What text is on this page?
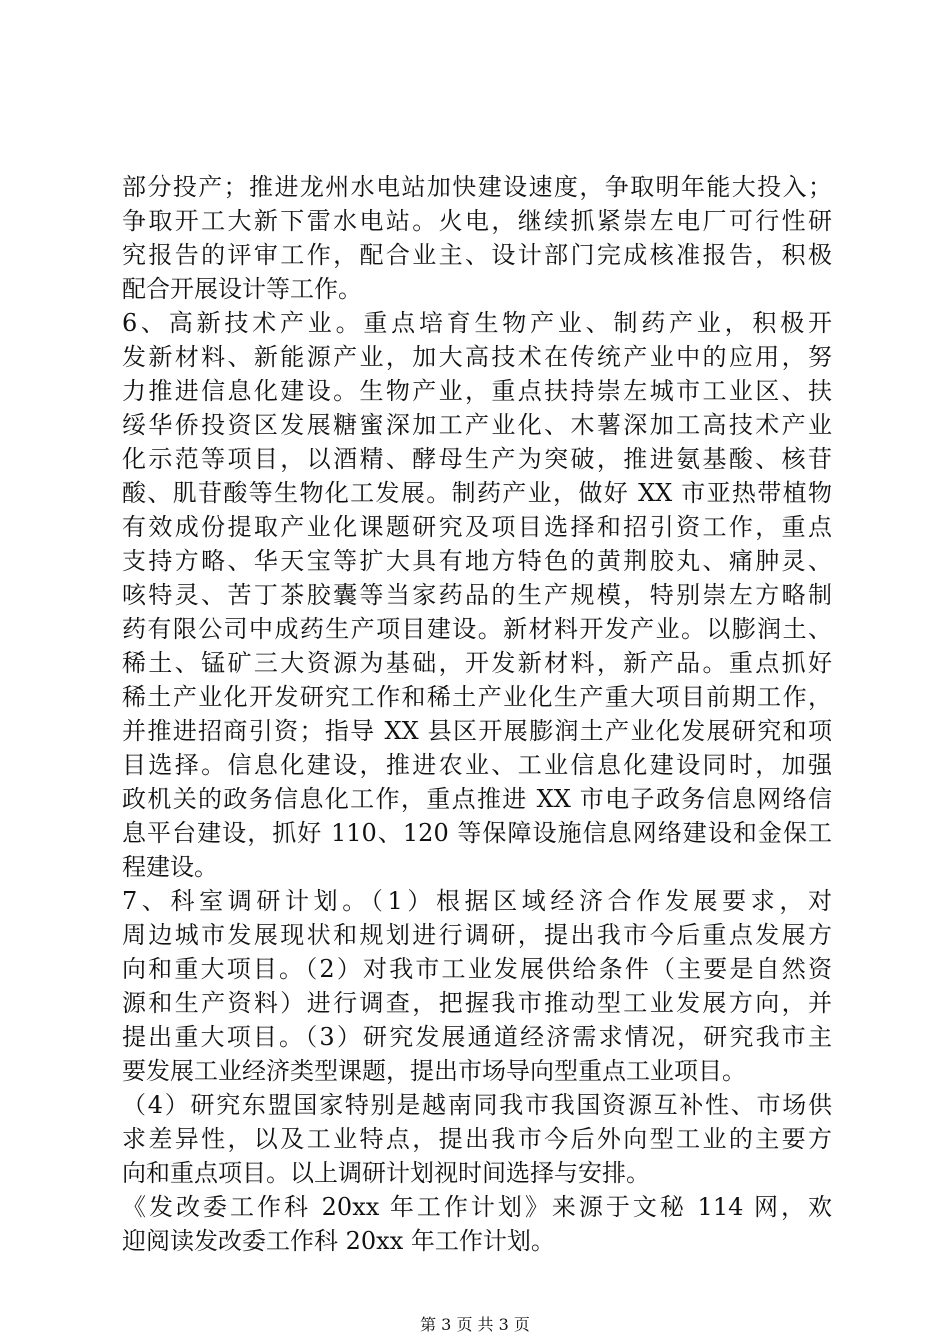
部分投产；推进龙州水电站加快建设速度，争取明年能大投入；
争取开工大新下雷水电站。火电，继续抓紧崇左电厂可行性研
究报告的评审工作，配合业主、设计部门完成核准报告，积极
配合开展设计等工作。
6、高新技术产业。重点培育生物产业、制药产业，积极开
发新材料、新能源产业，加大高技术在传统产业中的应用，努
力推进信息化建设。生物产业，重点扶持崇左城市工业区、扶
绥华侨投资区发展糖蜜深加工产业化、木薯深加工高技术产业
化示范等项目，以酒精、酵母生产为突破，推进氨基酸、核苷
酸、肌苷酸等生物化工发展。制药产业，做好 XX 市亚热带植物
有效成份提取产业化课题研究及项目选择和招引资工作，重点
支持方略、华天宝等扩大具有地方特色的黄荆胶丸、痛肿灵、
咳特灵、苦丁茶胶囊等当家药品的生产规模，特别崇左方略制
药有限公司中成药生产项目建设。新材料开发产业。以膨润土、
稀土、锰矿三大资源为基础，开发新材料，新产品。重点抓好
稀土产业化开发研究工作和稀土产业化生产重大项目前期工作，
并推进招商引资；指导 XX 县区开展膨润土产业化发展研究和项
目选择。信息化建设，推进农业、工业信息化建设同时，加强
政机关的政务信息化工作，重点推进 XX 市电子政务信息网络信
息平台建设，抓好 110、120 等保障设施信息网络建设和金保工
程建设。
7、科室调研计划。（1）根据区域经济合作发展要求，对
周边城市发展现状和规划进行调研，提出我市今后重点发展方
向和重大项目。（2）对我市工业发展供给条件（主要是自然资
源和生产资料）进行调查，把握我市推动型工业发展方向，并
提出重大项目。（3）研究发展通道经济需求情况，研究我市主
要发展工业经济类型课题，提出市场导向型重点工业项目。
（4）研究东盟国家特别是越南同我市我国资源互补性、市场供
求差异性，以及工业特点，提出我市今后外向型工业的主要方
向和重点项目。以上调研计划视时间选择与安排。
《发改委工作科 20xx 年工作计划》来源于文秘 114 网，欢
迎阅读发改委工作科 20xx 年工作计划。
第 3 页 共 3 页
